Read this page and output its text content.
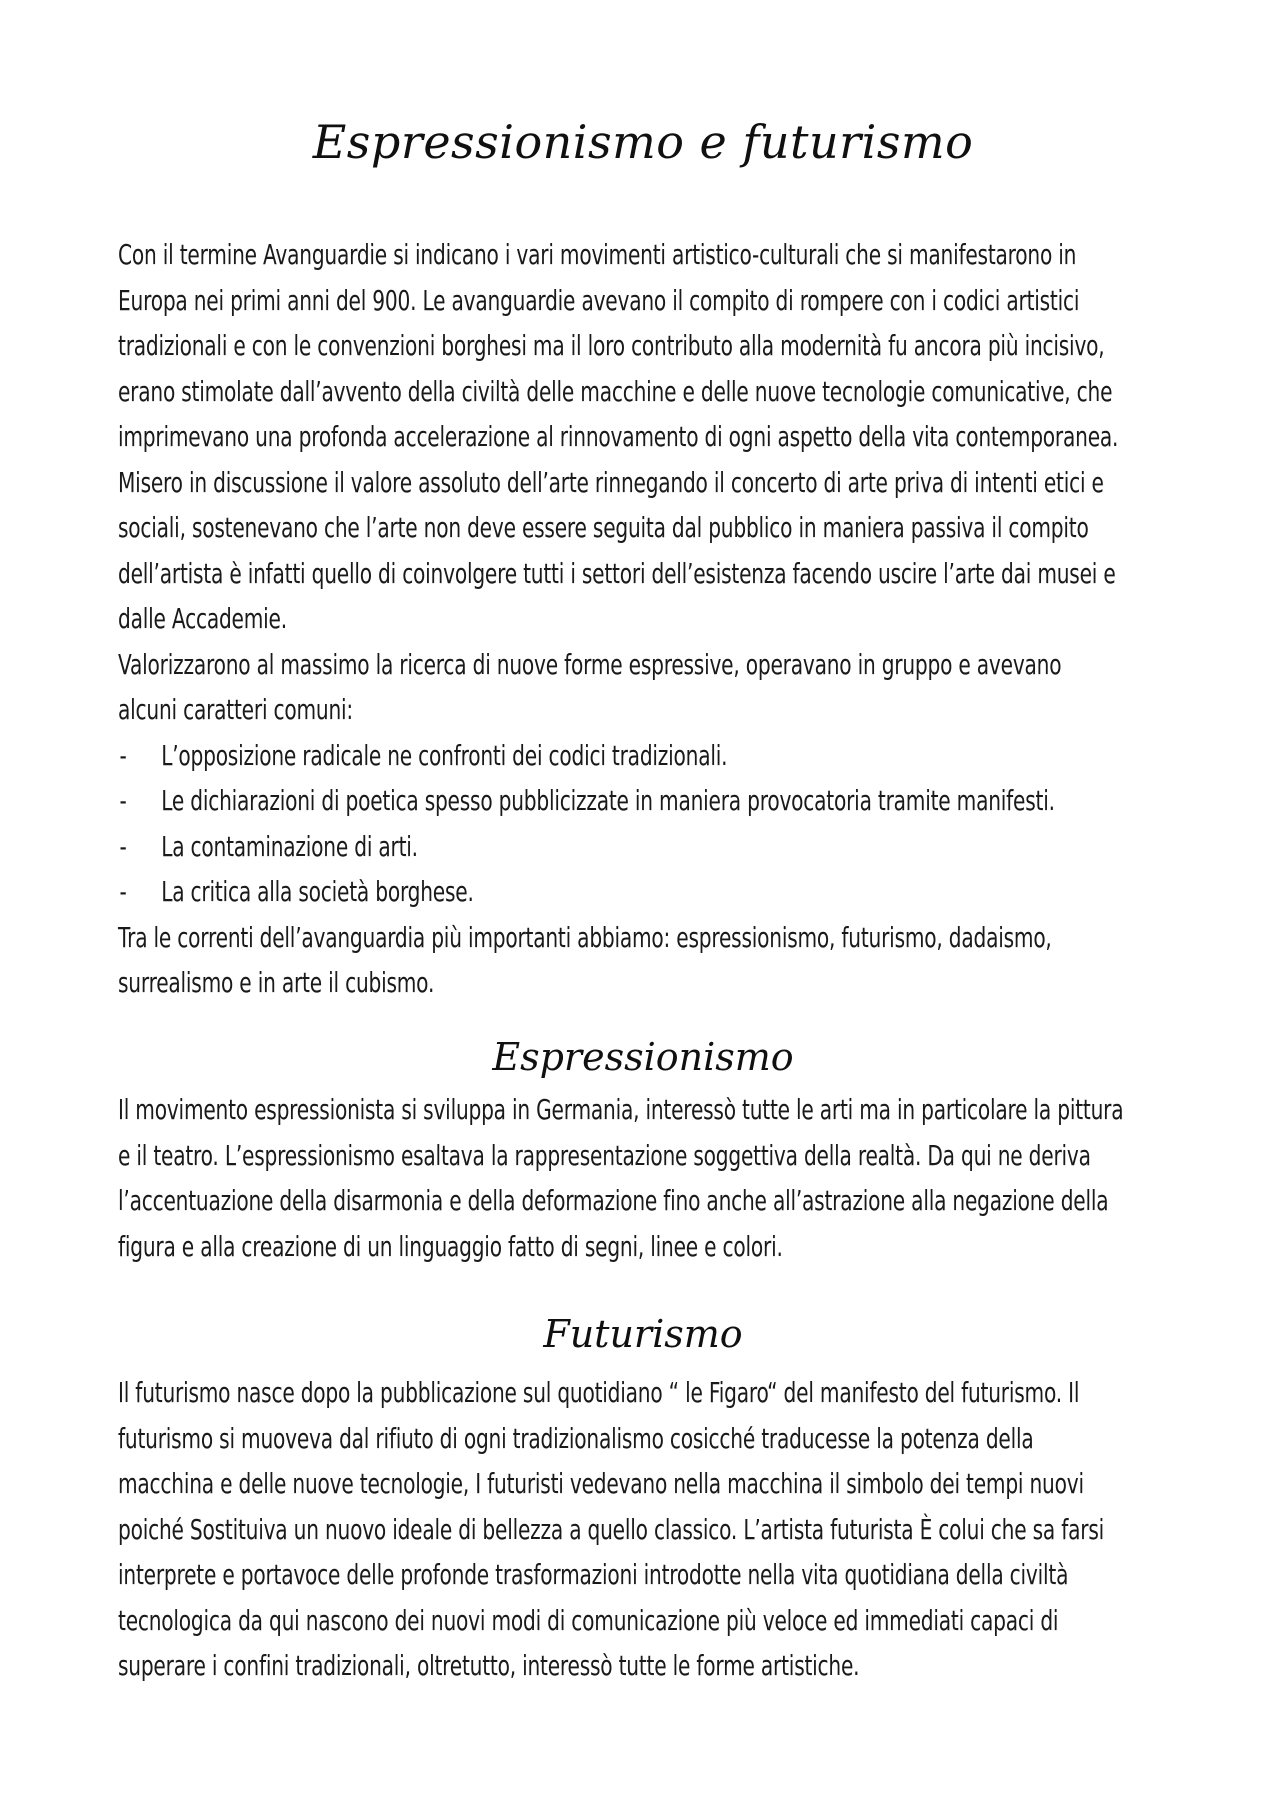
Espressionismo e futurismo
Con il termine Avanguardie si indicano i vari movimenti artistico-culturali che si manifestarono in
Europa nei primi anni del 900. Le avanguardie avevano il compito di rompere con i codici artistici
tradizionali e con le convenzioni borghesi ma il loro contributo alla modernità fu ancora più incisivo,
erano stimolate dall’avvento della civiltà delle macchine e delle nuove tecnologie comunicative, che
imprimevano una profonda accelerazione al rinnovamento di ogni aspetto della vita contemporanea.
Misero in discussione il valore assoluto dell’arte rinnegando il concerto di arte priva di intenti etici e
sociali, sostenevano che l’arte non deve essere seguita dal pubblico in maniera passiva il compito
dell’artista è infatti quello di coinvolgere tutti i settori dell’esistenza facendo uscire l’arte dai musei e
dalle Accademie.
Valorizzarono al massimo la ricerca di nuove forme espressive, operavano in gruppo e avevano
alcuni caratteri comuni:
- L’opposizione radicale ne confronti dei codici tradizionali.
- Le dichiarazioni di poetica spesso pubblicizzate in maniera provocatoria tramite manifesti.
- La contaminazione di arti.
- La critica alla società borghese.
Tra le correnti dell’avanguardia più importanti abbiamo: espressionismo, futurismo, dadaismo,
surrealismo e in arte il cubismo.
Espressionismo
Il movimento espressionista si sviluppa in Germania, interessò tutte le arti ma in particolare la pittura
e il teatro. L’espressionismo esaltava la rappresentazione soggettiva della realtà. Da qui ne deriva
l’accentuazione della disarmonia e della deformazione fino anche all’astrazione alla negazione della
figura e alla creazione di un linguaggio fatto di segni, linee e colori.
Futurismo
Il futurismo nasce dopo la pubblicazione sul quotidiano “ le Figaro“ del manifesto del futurismo. Il
futurismo si muoveva dal rifiuto di ogni tradizionalismo cosicché traducesse la potenza della
macchina e delle nuove tecnologie, I futuristi vedevano nella macchina il simbolo dei tempi nuovi
poiché Sostituiva un nuovo ideale di bellezza a quello classico. L’artista futurista È colui che sa farsi
interprete e portavoce delle profonde trasformazioni introdotte nella vita quotidiana della civiltà
tecnologica da qui nascono dei nuovi modi di comunicazione più veloce ed immediati capaci di
superare i confini tradizionali, oltretutto, interessò tutte le forme artistiche.
